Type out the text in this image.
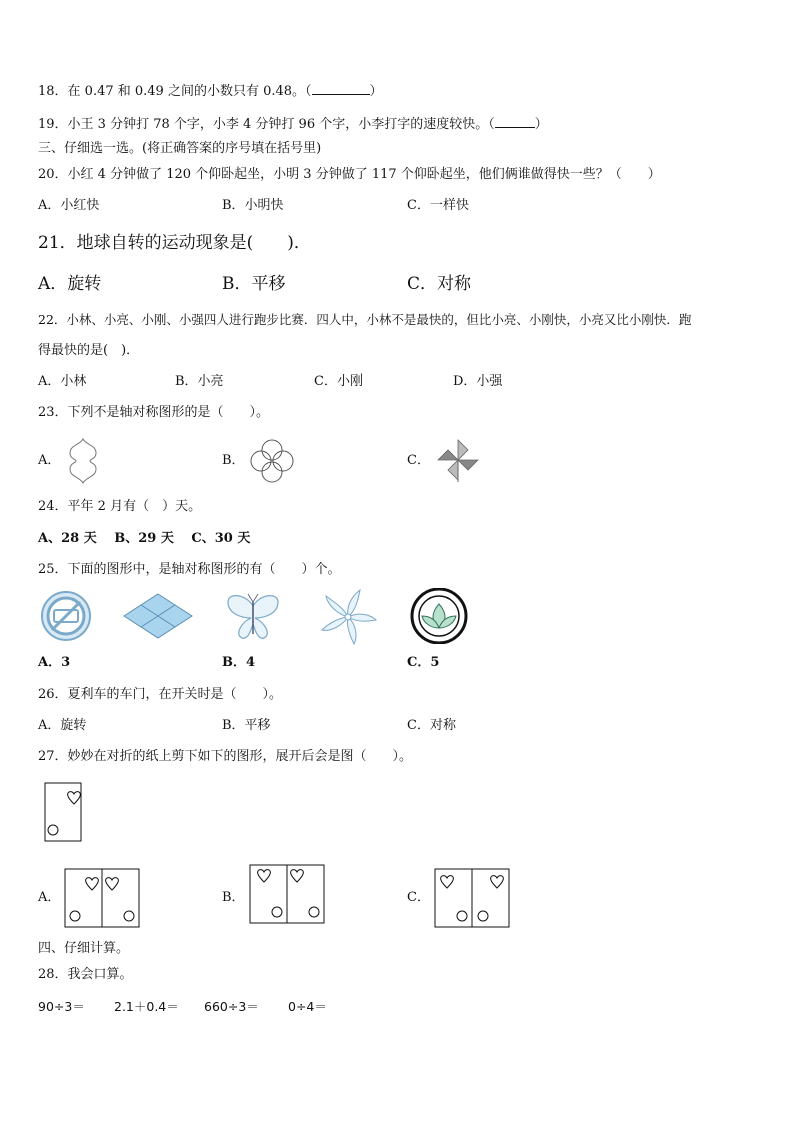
18．在 0.47 和 0.49 之间的小数只有 0.48。（	）
19．小王 3 分钟打 78 个字，小李 4 分钟打 96 个字，小李打字的速度较快。（	）
三、仔细选一选。(将正确答案的序号填在括号里)
20．小红 4 分钟做了 120 个仰卧起坐，小明 3 分钟做了 117 个仰卧起坐，他们俩谁做得快一些？（　　）
A．小红快	B．小明快	C．一样快
21．地球自转的运动现象是(　　)．
A．旋转	B．平移	C．对称
22．小林、小亮、小刚、小强四人进行跑步比赛．四人中，小林不是最快的，但比小亮、小刚快，小亮又比小刚快．跑
得最快的是(　)．
A．小林	B．小亮	C．小刚	D．小强
23．下列不是轴对称图形的是（　　）。
A．	B．	C．
24．平年 2 月有（　）天。
A、28 天　 B、29 天　 C、30 天
25．下面的图形中，是轴对称图形的有（　　）个。
A．3	B．4	C．5
26．夏利车的车门，在开关时是（　　）。
A．旋转	B．平移	C．对称
27．妙妙在对折的纸上剪下如下的图形，展开后会是图（　　）。
A．	B．	C．
四、仔细计算。
28．我会口算。
90÷3＝ 2.1＋0.4＝ 660÷3＝ 0÷4＝
